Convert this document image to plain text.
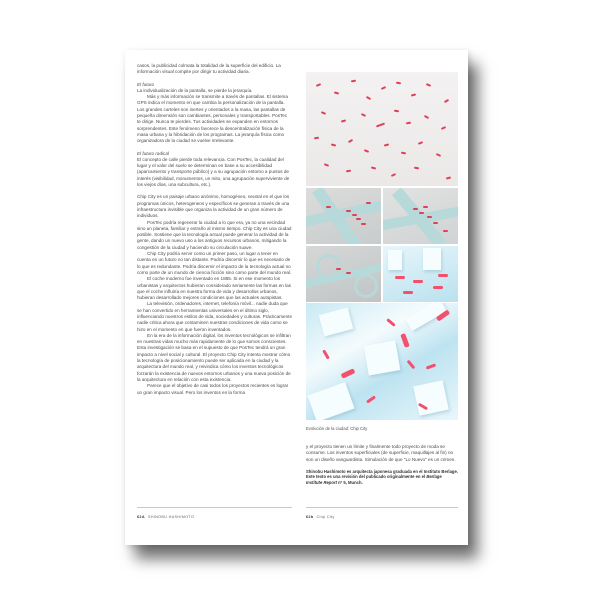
casos, la publicidad colmata la totalidad de la superficie del edificio. La información visual compite por dirigir tu actividad diaria.

El futuro

La individualización de la pantalla, se pierde la jerarquía.

Más y más información se transmite a través de pantallas. El sistema GPS indica el momento en que cambia la personalización de la pantalla. Los grandes carteles son inertes y orientados a la masa, las pantallas de pequeña dimensión son cambiantes, personales y transportables. PosTec te dirige. Nunca te pierdes. Tus actividades se expanden en entornos sorprendentes. Este fenómeno favorece la descentralización física de la masa urbana y la hibridación de los programas. La jerarquía física como organizadora de la ciudad se vuelve irrelevante.

El futuro radical

El concepto de calle pierde toda relevancia. Con PosTec, la cualidad del lugar y el valor del suelo se determinan en base a su accesibilidad (aparcamiento y transporte público) y a su agrupación entorno a puntos de interés (visibilidad, monumentos, un mito, una agrupación superviviente de los viejos días, una subcultura, etc.).

Chip City es un paisaje urbano anónimo, homogéneo, neutral en el que los programas únicos, heterogeneos y específicos se generan a través de una infraestructura invisible que organiza la actividad de un gran número de individuos.

PosTec podría regenerar la ciudad a lo que era, ya no una vecindad sino un planeta, familiar y extraño al mismo tiempo. Chip City es una ciudad posible. Sostiene que la tecnología actual puede generar la actividad de la gente, dando un nuevo uso a los antiguos recursos urbanos, mitigando la congestión de la ciudad y haciendo su circulación suave.

Chip City podría servir como un primer paso, un lugar a tener en cuenta en un futuro no tan distante. Podría discernir lo que es necesario de lo que es redundante. Podría discernir el impacto de la tecnología actual no como parte de un mundo de ciencia ficción sino como parte del mundo real.

El coche moderno fue inventado en 1885. Si en ese momento los urbanistas y arquitectos hubieran considerado seriamente las formas en las que el coche influiría en nuestra forma de vida y desarrollos urbanos, hubieran desarrollado mejores condiciones que las actuales autopistas.

La televisión, ordenadores, internet, telefonía móvil... nadie duda que se han convertido en herramientas universales en el último siglo, influenciando nuestros estilos de vida, sociedades y culturas. Prácticamente nadie critica ahora que contaminen nuestras condiciones de vida como se hizo en el momento en que fueron inventados.

En la era de la información digital, los inventos tecnológicos se infiltran en nuestras vidas mucho más rapidamente de lo que somos conscientes. Esta investigación se basa en el supuesto de que PosTec tendrá un gran impacto a nivel social y cultural. El proyecto Chip City intenta mostrar cómo la tecnología de posicionamiento puede ser aplicada en la ciudad y la arquitectura del mundo real, y reivindica cómo los inventos tecnológicos forzarán la existencia de nuevos entornos urbanos y una nueva posición de la arquitectura en relación con esta existencia.

Parece que el objetivo de casi todos los proyectos recientes es lograr un gran impacto visual. Pero los inventos en la forma

Evolución de la ciudad: Chip City

y el proyecto tienen un límite y finalmente todo proyecto de moda se consume. Los inventos superficiales (de superficie, maquillajes al fin) no son un diseño vanguardista. Simulación de que "Lo Nuevo" es un crimen.

Shinobu Hashimoto es arquitecta japonesa graduada en el Instituto Berlage. Este texto es una revisión del publicado originalmente en el Berlage Institute Report nº 5, Munch.

62A SHINOBU HASHIMOTO	62b Chip City
